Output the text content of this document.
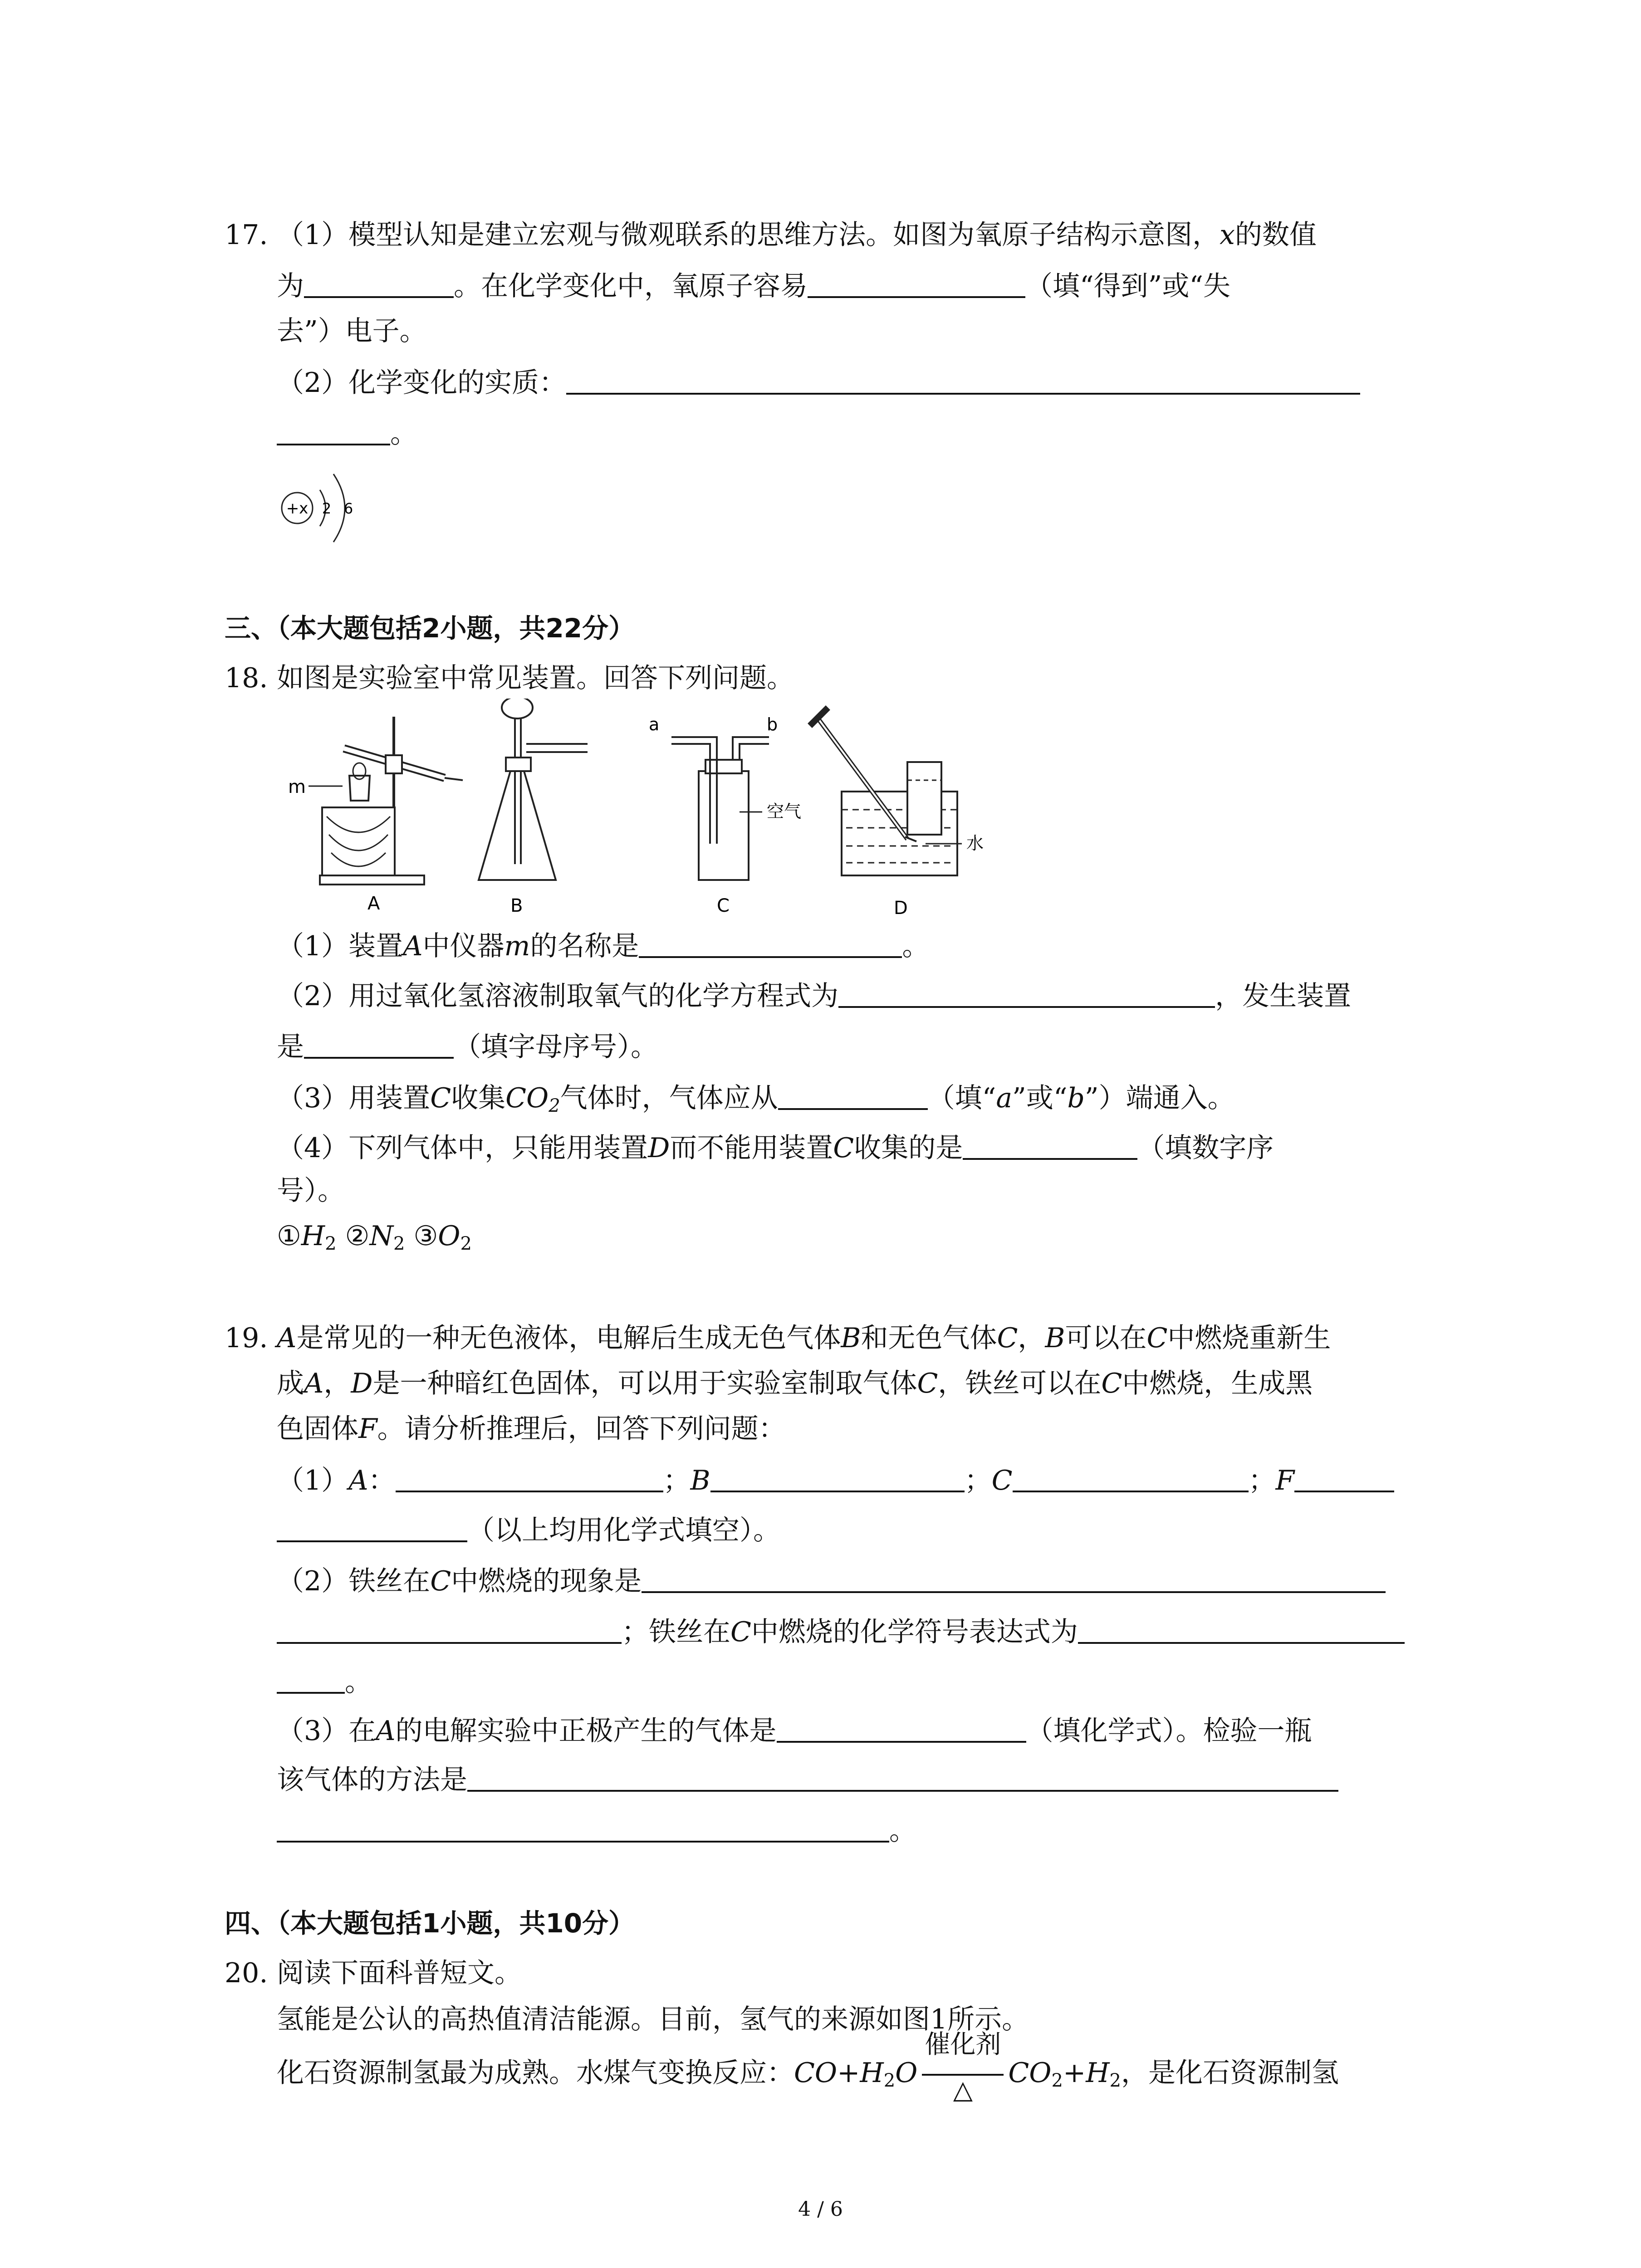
17. （1）模型认知是建立宏观与微观联系的思维方法。如图为氧原子结构示意图，x的数值
为	。在化学变化中，氧原子容易	（填“得到”或“失
去”）电子。
（2）化学变化的实质：
。
+x 2 6
三、（本大题包括2小题，共22分）
18. 如图是实验室中常见装置。回答下列问题。
m
A	B
a	b
空气
C
水
D
（1）装置A中仪器m的名称是	。
（2）用过氧化氢溶液制取氧气的化学方程式为	，发生装置
是	（填字母序号）。
（3）用装置C收集$CO_2$气体时，气体应从	（填“a”或“b”）端通入。
（4）下列气体中，只能用装置D而不能用装置C收集的是	（填数字序
号）。
$①H_2$ $②N_2$ $③O_2$
19. A是常见的一种无色液体，电解后生成无色气体B和无色气体C，B可以在C中燃烧重新生
成A，D是一种暗红色固体，可以用于实验室制取气体C，铁丝可以在C中燃烧，生成黑
色固体F。请分析推理后，回答下列问题：
（1）A：	；B	；C	；F
（以上均用化学式填空）。
（2）铁丝在C中燃烧的现象是
；铁丝在C中燃烧的化学符号表达式为
。
（3）在A的电解实验中正极产生的气体是	（填化学式）。检验一瓶
该气体的方法是
。
四、（本大题包括1小题，共10分）
20. 阅读下面科普短文。
氢能是公认的高热值清洁能源。目前，氢气的来源如图1所示。
化石资源制氢最为成熟。水煤气变换反应：$CO+H_2O$
催化剂
△
$CO_2+H_2$，是化石资源制氢
4 / 6
